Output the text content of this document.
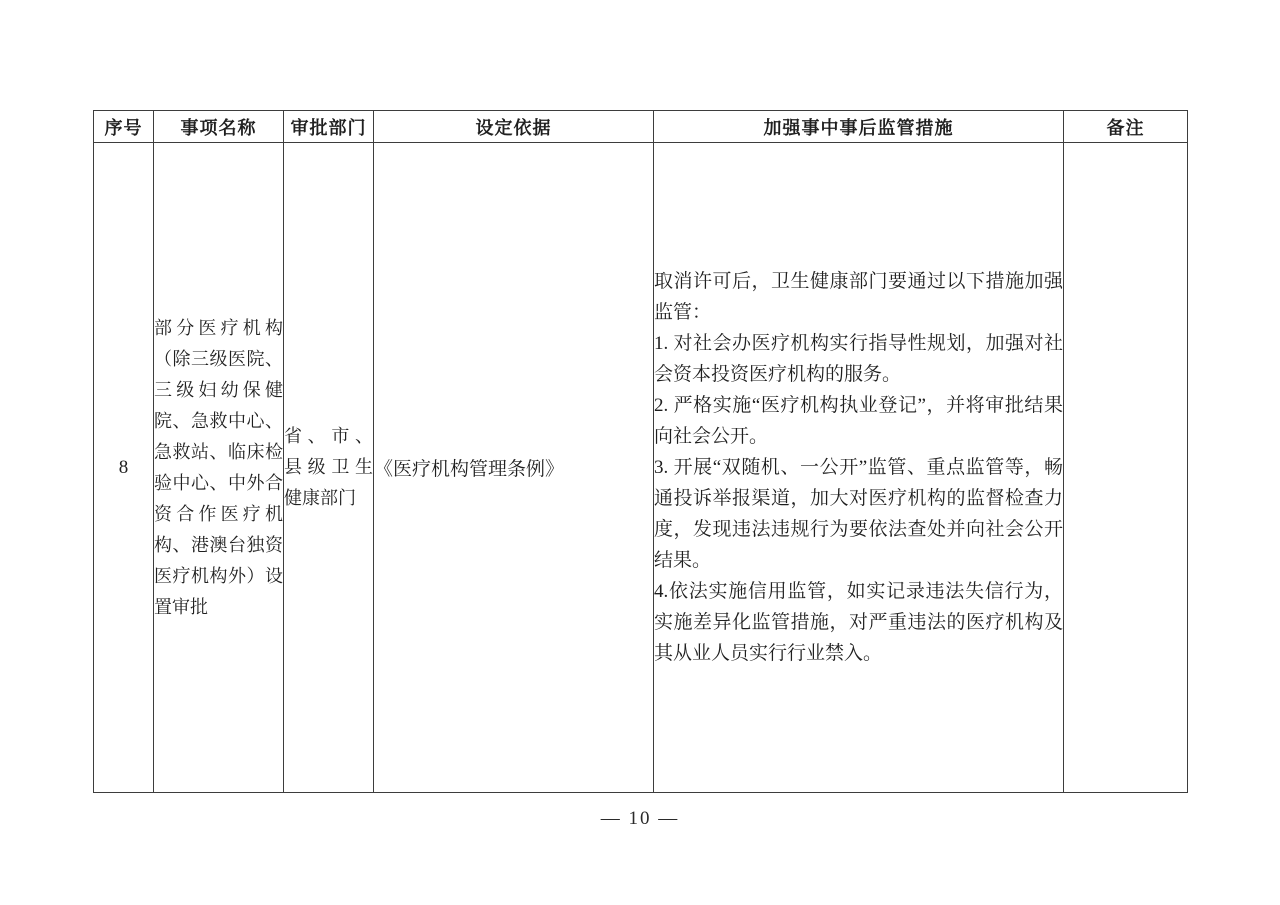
序号	事项名称	审批部门	设定依据	加强事中事后监管措施	备注
8	部分医疗机构（除三级医院、三级妇幼保健院、急救中心、急救站、临床检验中心、中外合资合作医疗机构、港澳台独资医疗机构外）设置审批	省、市、县级卫生健康部门	《医疗机构管理条例》	取消许可后，卫生健康部门要通过以下措施加强监管：

1. 对社会办医疗机构实行指导性规划，加强对社会资本投资医疗机构的服务。

2. 严格实施“医疗机构执业登记”，并将审批结果向社会公开。

3. 开展“双随机、一公开”监管、重点监管等，畅通投诉举报渠道，加大对医疗机构的监督检查力度，发现违法违规行为要依法查处并向社会公开结果。

4.依法实施信用监管，如实记录违法失信行为，实施差异化监管措施，对严重违法的医疗机构及其从业人员实行行业禁入。	

— 10 —
